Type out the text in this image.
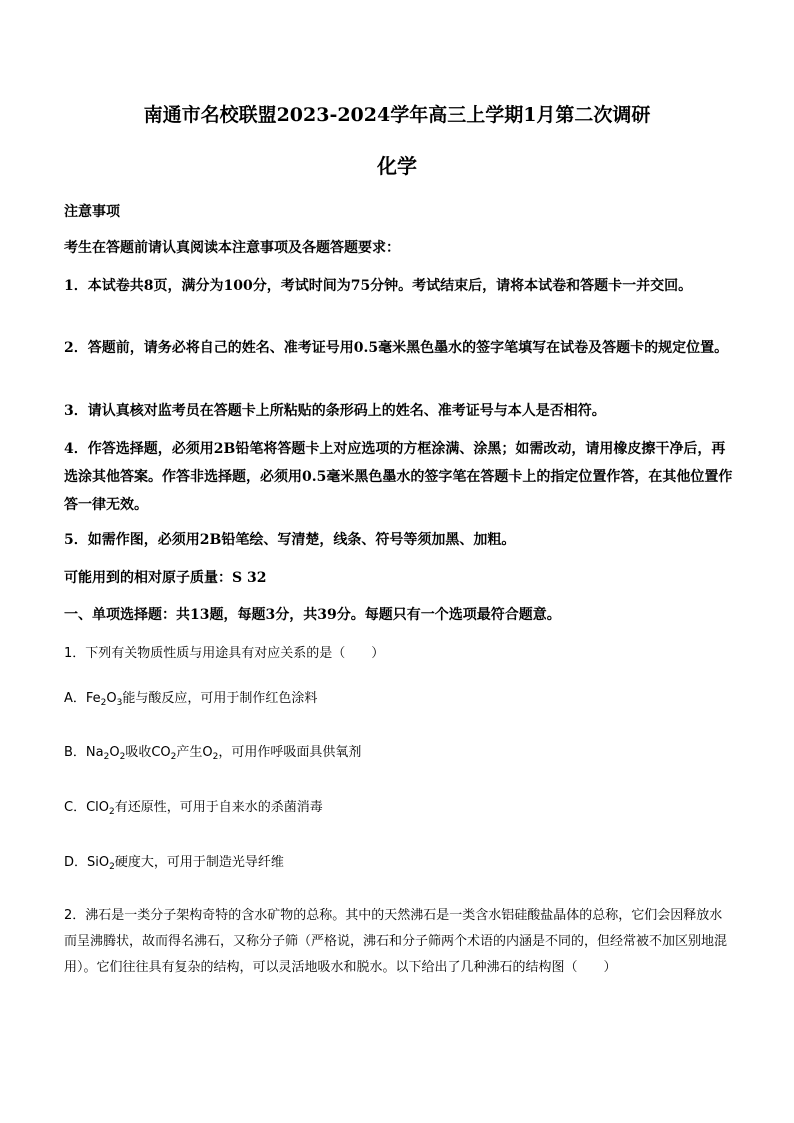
南通市名校联盟2023-2024学年高三上学期1月第二次调研
化学
注意事项
考生在答题前请认真阅读本注意事项及各题答题要求：
1．本试卷共8页，满分为100分，考试时间为75分钟。考试结束后，请将本试卷和答题卡一并交回。
2．答题前，请务必将自己的姓名、准考证号用0.5毫米黑色墨水的签字笔填写在试卷及答题卡的规定位置。
3．请认真核对监考员在答题卡上所粘贴的条形码上的姓名、准考证号与本人是否相符。
4．作答选择题，必须用2B铅笔将答题卡上对应选项的方框涂满、涂黑；如需改动，请用橡皮擦干净后，再选涂其他答案。作答非选择题，必须用0.5毫米黑色墨水的签字笔在答题卡上的指定位置作答，在其他位置作答一律无效。
5．如需作图，必须用2B铅笔绘、写清楚，线条、符号等须加黑、加粗。
可能用到的相对原子质量：S 32
一、单项选择题：共13题，每题3分，共39分。每题只有一个选项最符合题意。
1．下列有关物质性质与用途具有对应关系的是（　　）
A．$Fe_2O_3$能与酸反应，可用于制作红色涂料
B．$Na_2O_2$吸收$CO_2$产生$O_2$，可用作呼吸面具供氧剂
C．ClO$_2$有还原性，可用于自来水的杀菌消毒
D．SiO$_2$硬度大，可用于制造光导纤维
2．沸石是一类分子架构奇特的含水矿物的总称。其中的天然沸石是一类含水铝硅酸盐晶体的总称，它们会因释放水而呈沸腾状，故而得名沸石，又称分子筛（严格说，沸石和分子筛两个术语的内涵是不同的，但经常被不加区别地混用）。它们往往具有复杂的结构，可以灵活地吸水和脱水。以下给出了几种沸石的结构图（　　）
